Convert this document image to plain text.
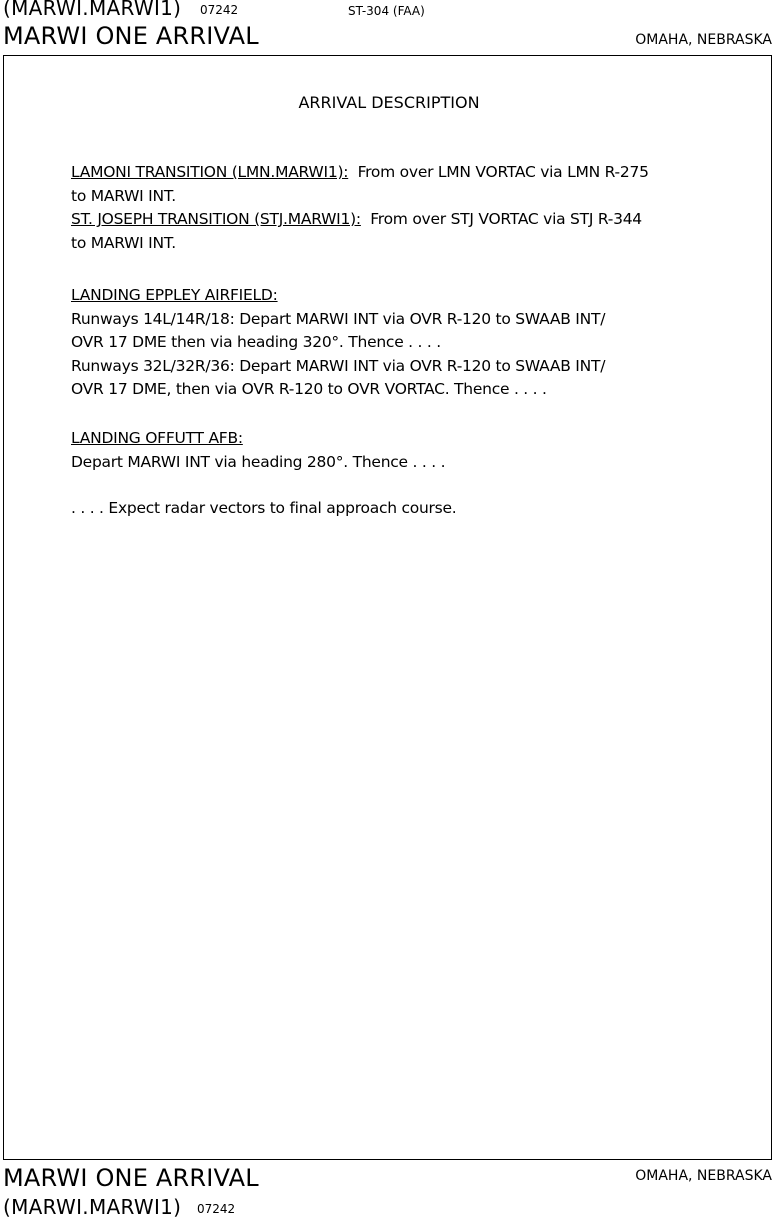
(MARWI.MARWI1) 07242	ST-304 (FAA)
MARWI ONE ARRIVAL	OMAHA, NEBRASKA
ARRIVAL DESCRIPTION
LAMONI TRANSITION (LMN.MARWI1): From over LMN VORTAC via LMN R-275
to MARWI INT.
ST. JOSEPH TRANSITION (STJ.MARWI1): From over STJ VORTAC via STJ R-344
to MARWI INT.
LANDING EPPLEY AIRFIELD:
Runways 14L/14R/18: Depart MARWI INT via OVR R-120 to SWAAB INT/
OVR 17 DME then via heading 320°. Thence . . . .
Runways 32L/32R/36: Depart MARWI INT via OVR R-120 to SWAAB INT/
OVR 17 DME, then via OVR R-120 to OVR VORTAC. Thence . . . .
LANDING OFFUTT AFB:
Depart MARWI INT via heading 280°. Thence . . . .
. . . . Expect radar vectors to final approach course.
MARWI ONE ARRIVAL	OMAHA, NEBRASKA
(MARWI.MARWI1) 07242
